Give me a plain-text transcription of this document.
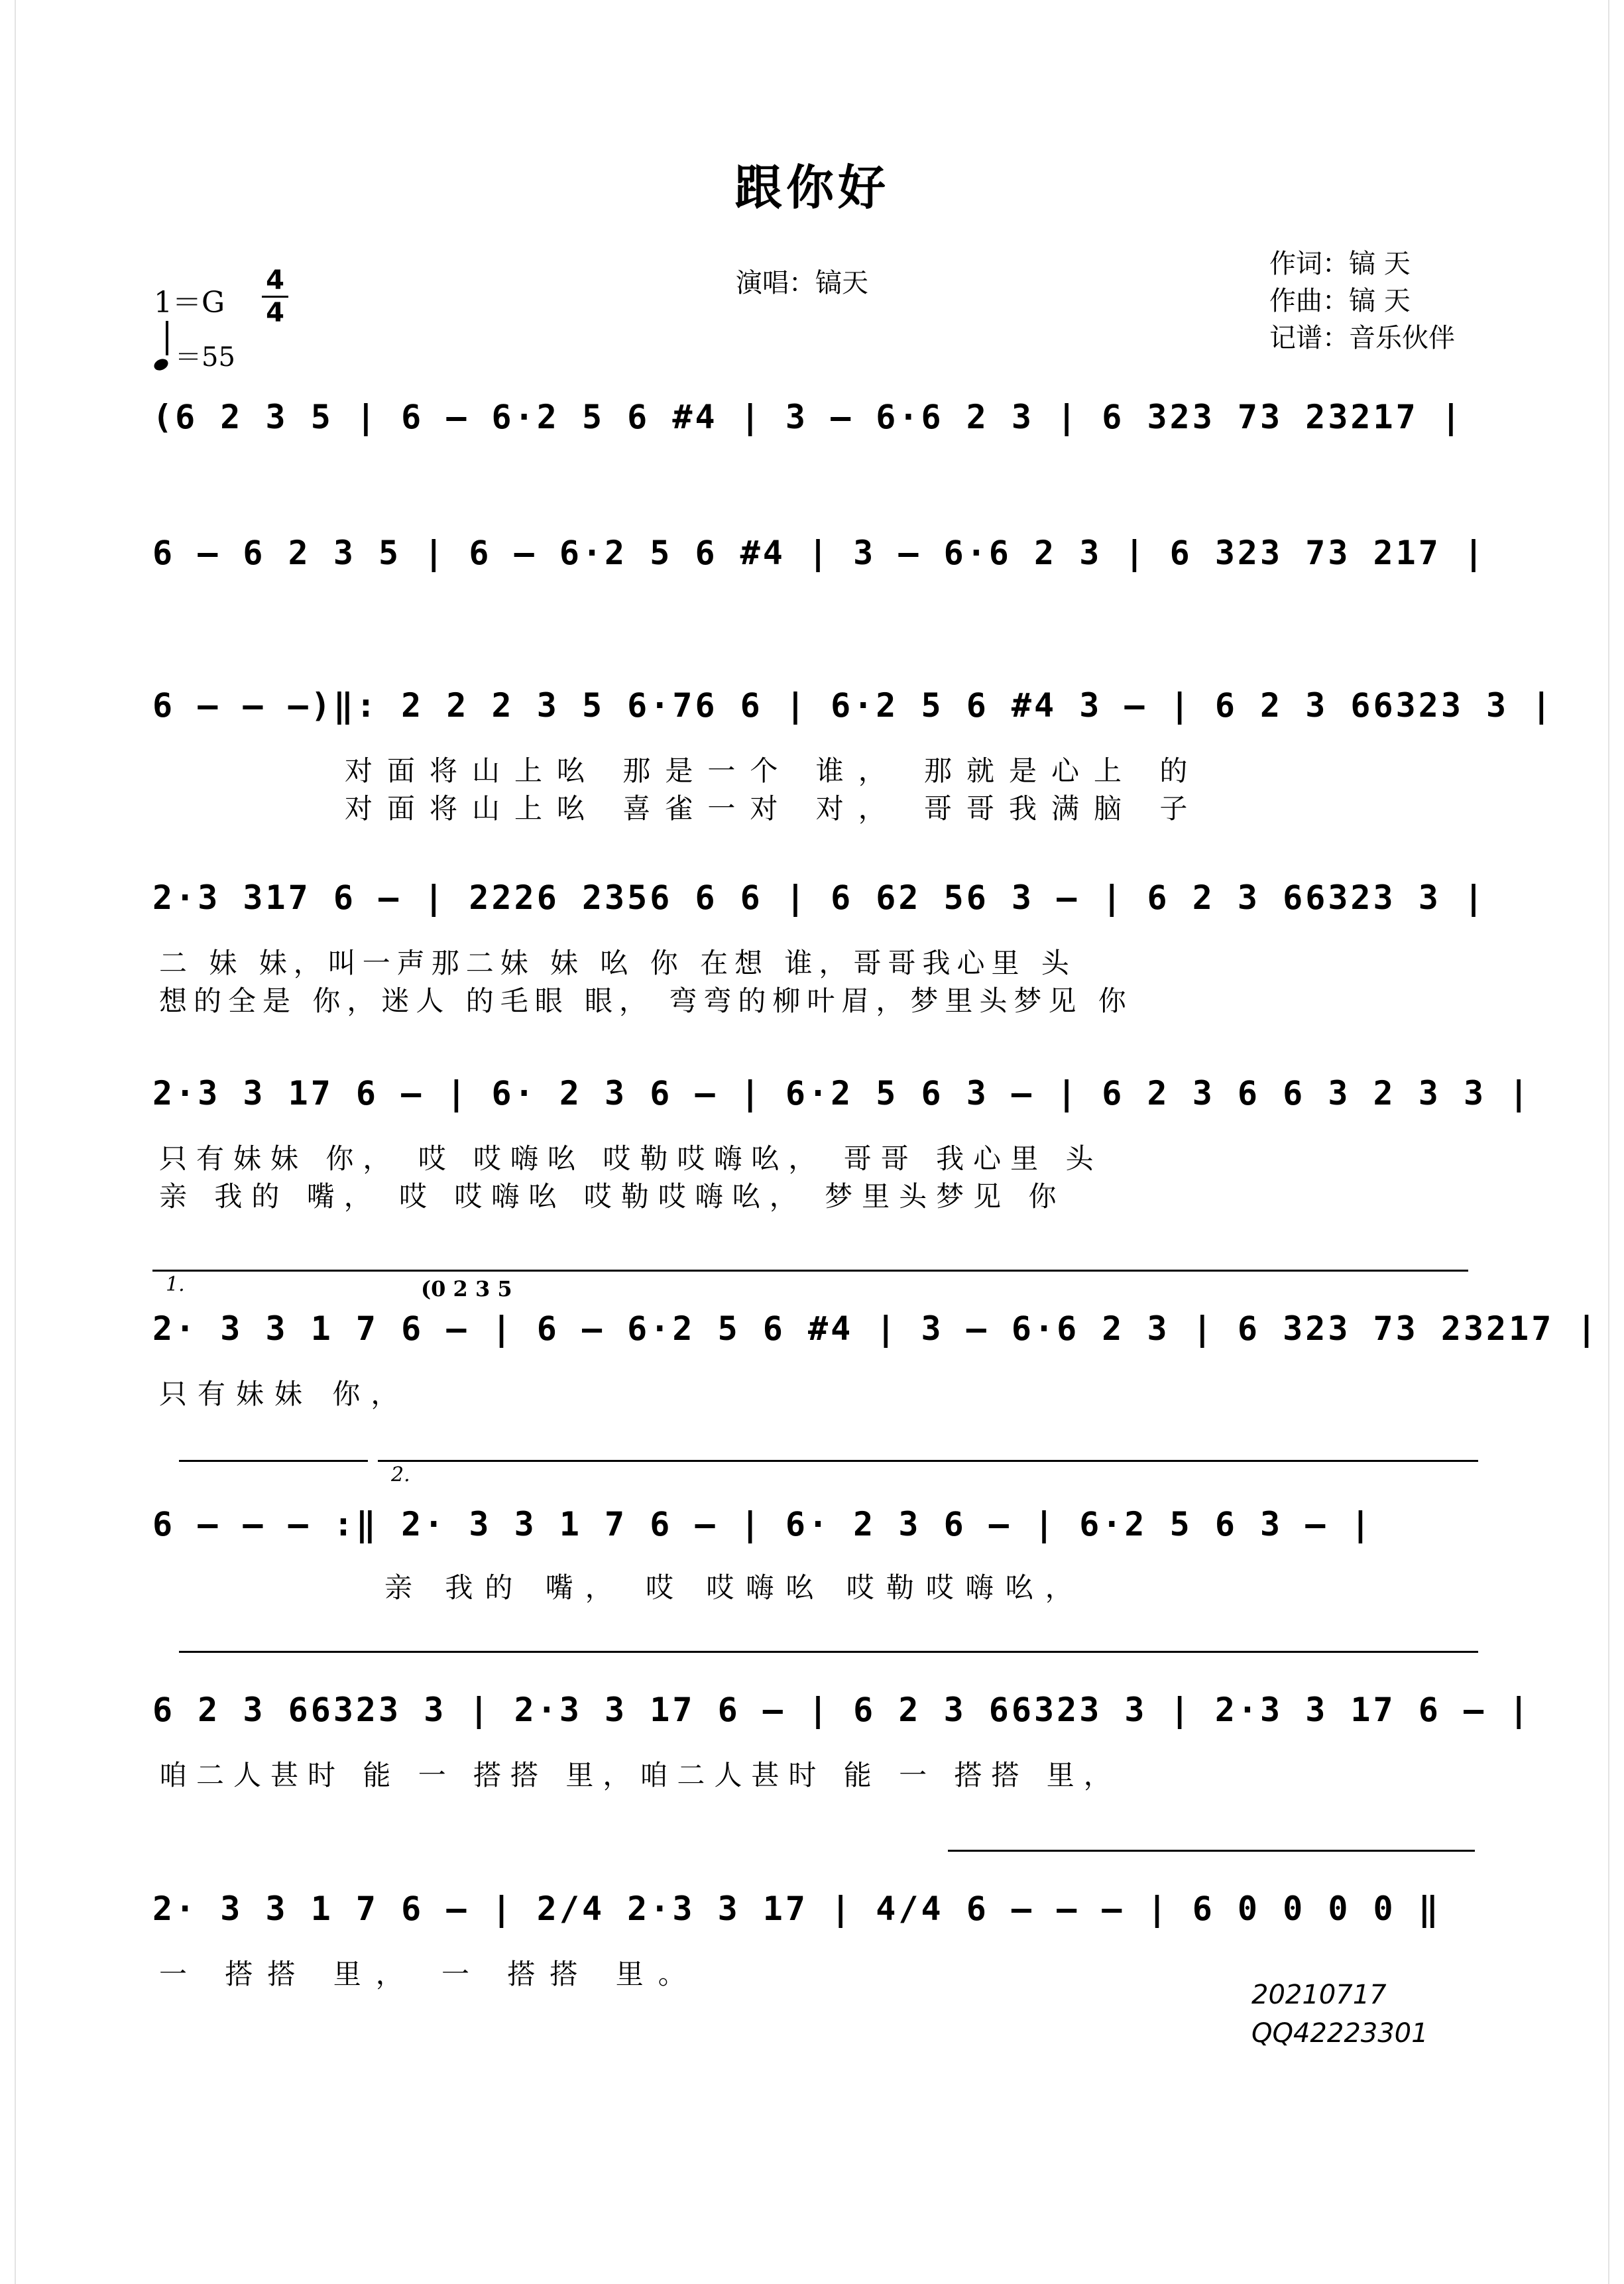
跟你好
演唱：镐天
作词：镐 天
作曲：镐 天
记谱：音乐伙伴
$1=G \frac{4}{4}$
＝55
(6 2 3 5 | 6 – 6·2 5 6 #4 | 3 – 6·6 2 3 | 6 323 73 23217 |
6 – 6 2 3 5 | 6 – 6·2 5 6 #4 | 3 – 6·6 2 3 | 6 323 73 217 |
6 – – –)‖: 2 2 2 3 5 6·76 6 | 6·2 5 6 #4 3 – | 6 2 3 66323 3 |
对面将山上吆 那是一个 谁， 那就是心上 的
对面将山上吆 喜雀一对 对， 哥哥我满脑 子
2·3 317 6 – | 2226 2356 6 6 | 6 62 56 3 – | 6 2 3 66323 3 |
二 妹 妹，叫一声那二妹 妹 吆 你 在想 谁，哥哥我心里 头
想的全是 你，迷人 的毛眼 眼， 弯弯的柳叶眉，梦里头梦见 你
2·3 3 17 6 – | 6· 2 3 6 – | 6·2 5 6 3 – | 6 2 3 6 6 3 2 3 3 |
只有妹妹 你， 哎 哎嗨吆 哎勒哎嗨吆， 哥哥 我心里 头
亲 我的 嘴， 哎 哎嗨吆 哎勒哎嗨吆， 梦里头梦见 你
1.	(0 2 3 5
2· 3 3 1 7 6 – | 6 – 6·2 5 6 #4 | 3 – 6·6 2 3 | 6 323 73 23217 |
只有妹妹 你，
2.
6 – – – :‖ 2· 3 3 1 7 6 – | 6· 2 3 6 – | 6·2 5 6 3 – |
亲 我的 嘴， 哎 哎嗨吆 哎勒哎嗨吆，
6 2 3 66323 3 | 2·3 3 17 6 – | 6 2 3 66323 3 | 2·3 3 17 6 – |
咱二人甚时 能 一 搭搭 里，咱二人甚时 能 一 搭搭 里，
2· 3 3 1 7 6 – | 2/4 2·3 3 17 | 4/4 6 – – – | 6 0 0 0 0 ‖
一 搭搭 里， 一 搭搭 里。
20210717
QQ42223301
